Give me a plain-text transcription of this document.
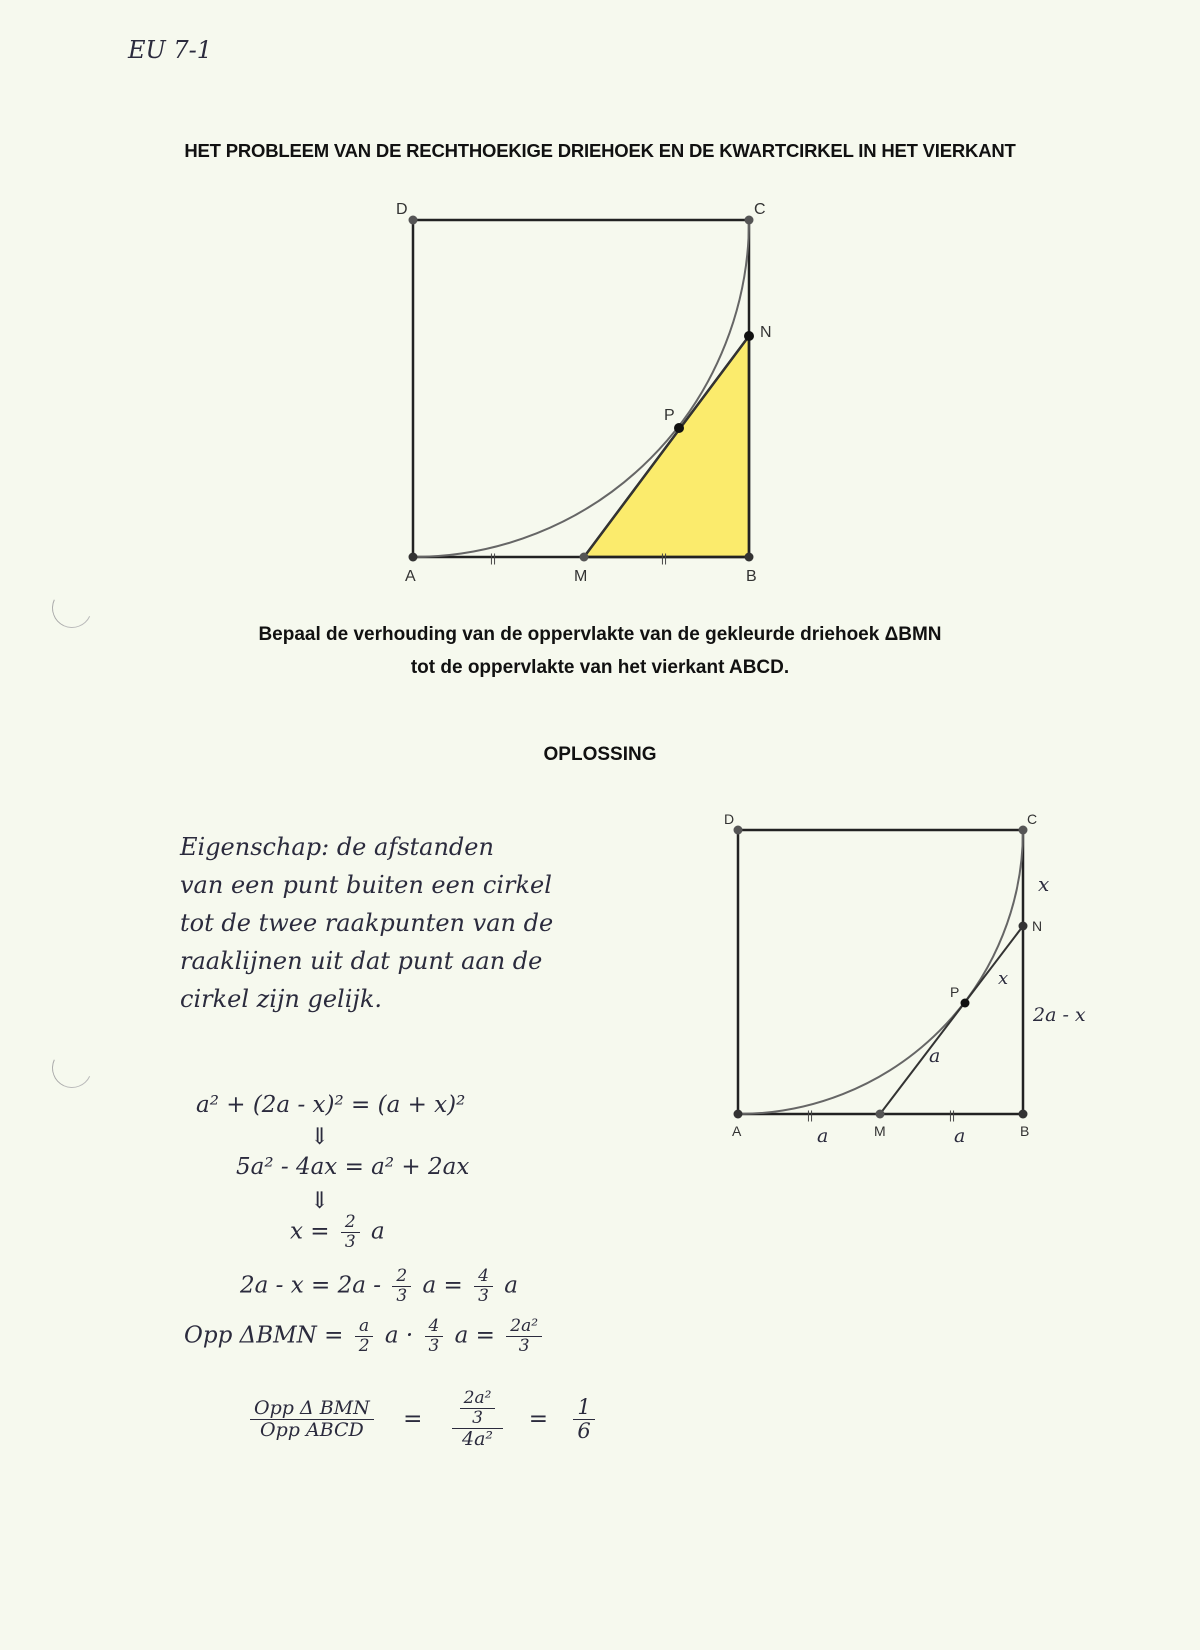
EU 7-1
HET PROBLEEM VAN DE RECHTHOEKIGE DRIEHOEK EN DE KWARTCIRKEL IN HET VIERKANT
||	||
A	B
C
D
M
N
P
Bepaal de verhouding van de oppervlakte van de gekleurde driehoek ΔBMN
tot de oppervlakte van het vierkant ABCD.
OPLOSSING
||	||
A	B
C
D
M
N
P
x
x
2a - x
a
a	a
Eigenschap: de afstanden
van een punt buiten een cirkel
tot de twee raakpunten van de
raaklijnen uit dat punt aan de
cirkel zijn gelijk.
a² + (2a - x)² = (a + x)²
⇓
5a² - 4ax = a² + 2ax
⇓
$x = \frac{2}{3}$ a
$2a - x = 2a - \frac{2}{3}$ $a = \frac{4}{3}$ a
Opp $\Delta BMN = \frac{a}{2}$ $a \cdot \frac{4}{3}$ $a = \frac{\text{2a²}}{3}$
$\frac{\text{Opp Δ BMN}}{\text{Opp ABCD}} = \frac{\frac{\text{2a²}}{3}}{\text{4a²}} = \frac{1}{6}$
